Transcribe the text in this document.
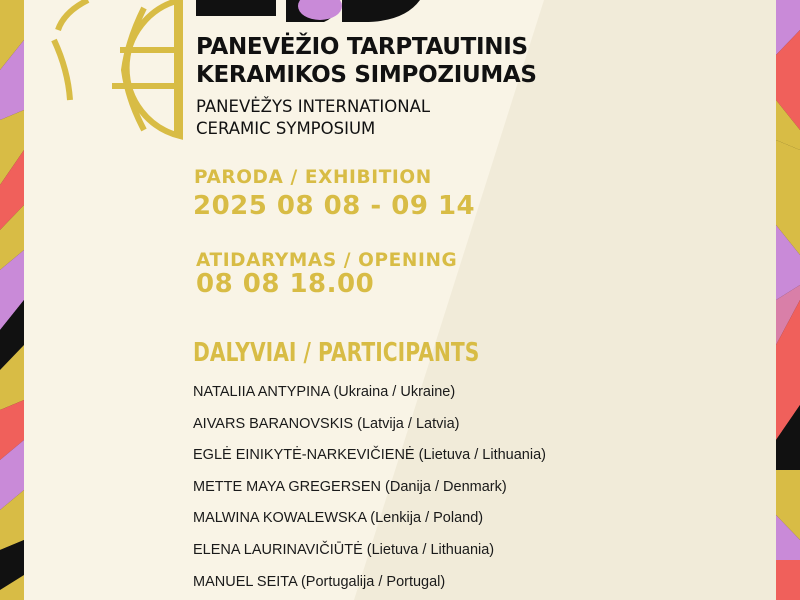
PANEVĖŽIO TARPTAUTINIS

KERAMIKOS SIMPOZIUMAS

PANEVĖŽYS INTERNATIONAL

CERAMIC SYMPOSIUM

PARODA / EXHIBITION

2025 08 08 - 09 14

ATIDARYMAS / OPENING

08 08 18.00

DALYVIAI / PARTICIPANTS

NATALIIA ANTYPINA (Ukraina / Ukraine)
AIVARS BARANOVSKIS (Latvija / Latvia)
EGLĖ EINIKYTĖ-NARKEVIČIENĖ (Lietuva / Lithuania)
METTE MAYA GREGERSEN (Danija / Denmark)
MALWINA KOWALEWSKA (Lenkija / Poland)
ELENA LAURINAVIČIŪTĖ (Lietuva / Lithuania)
MANUEL SEITA (Portugalija / Portugal)
